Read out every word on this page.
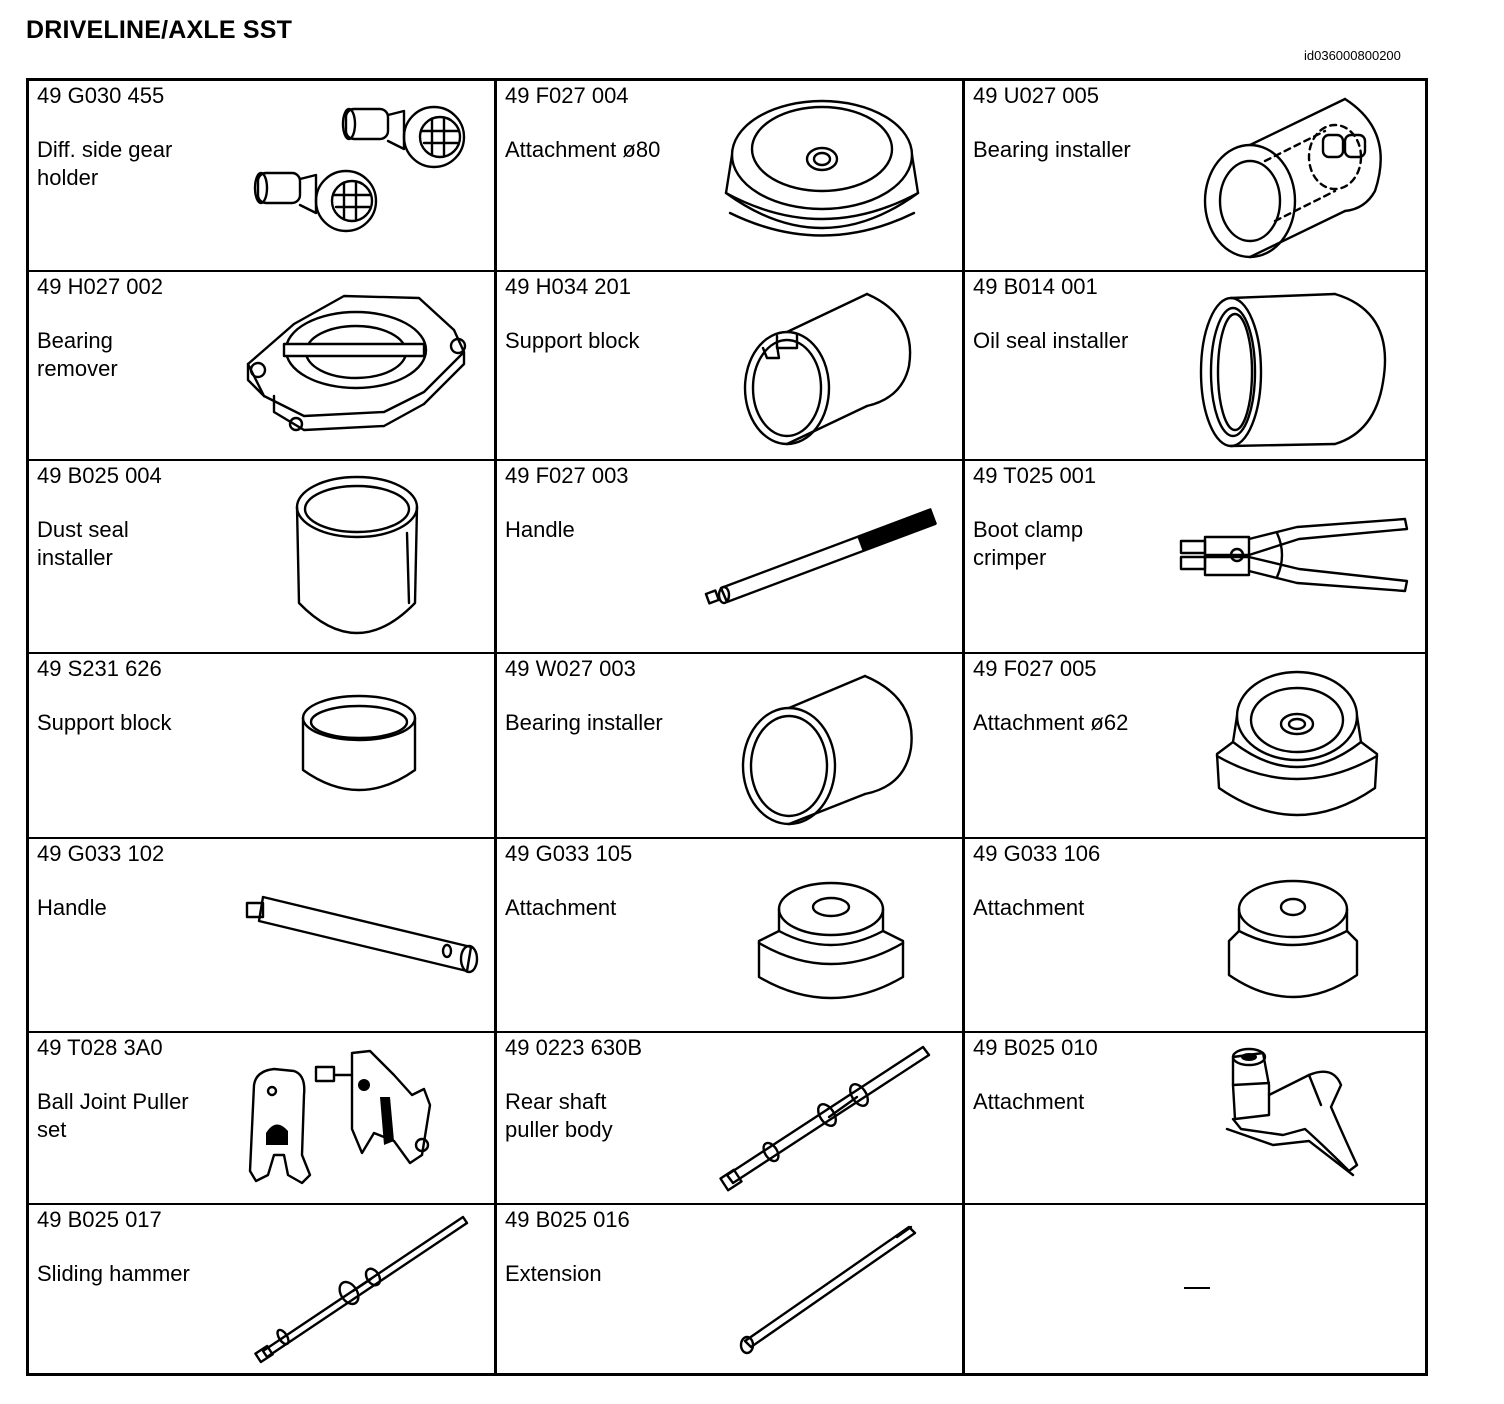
DRIVELINE/AXLE SST
id036000800200
49 G030 455
Diff. side gear
holder
49 F027 004
Attachment ø80
49 U027 005
Bearing installer
49 H027 002
Bearing
remover
49 H034 201
Support block
49 B014 001
Oil seal installer
49 B025 004
Dust seal
installer
49 F027 003
Handle
49 T025 001
Boot clamp
crimper
49 S231 626
Support block
49 W027 003
Bearing installer
49 F027 005
Attachment ø62
49 G033 102
Handle
49 G033 105
Attachment
49 G033 106
Attachment
49 T028 3A0
Ball Joint Puller
set
49 0223 630B
Rear shaft
puller body
49 B025 010
Attachment
49 B025 017
Sliding hammer
49 B025 016
Extension
